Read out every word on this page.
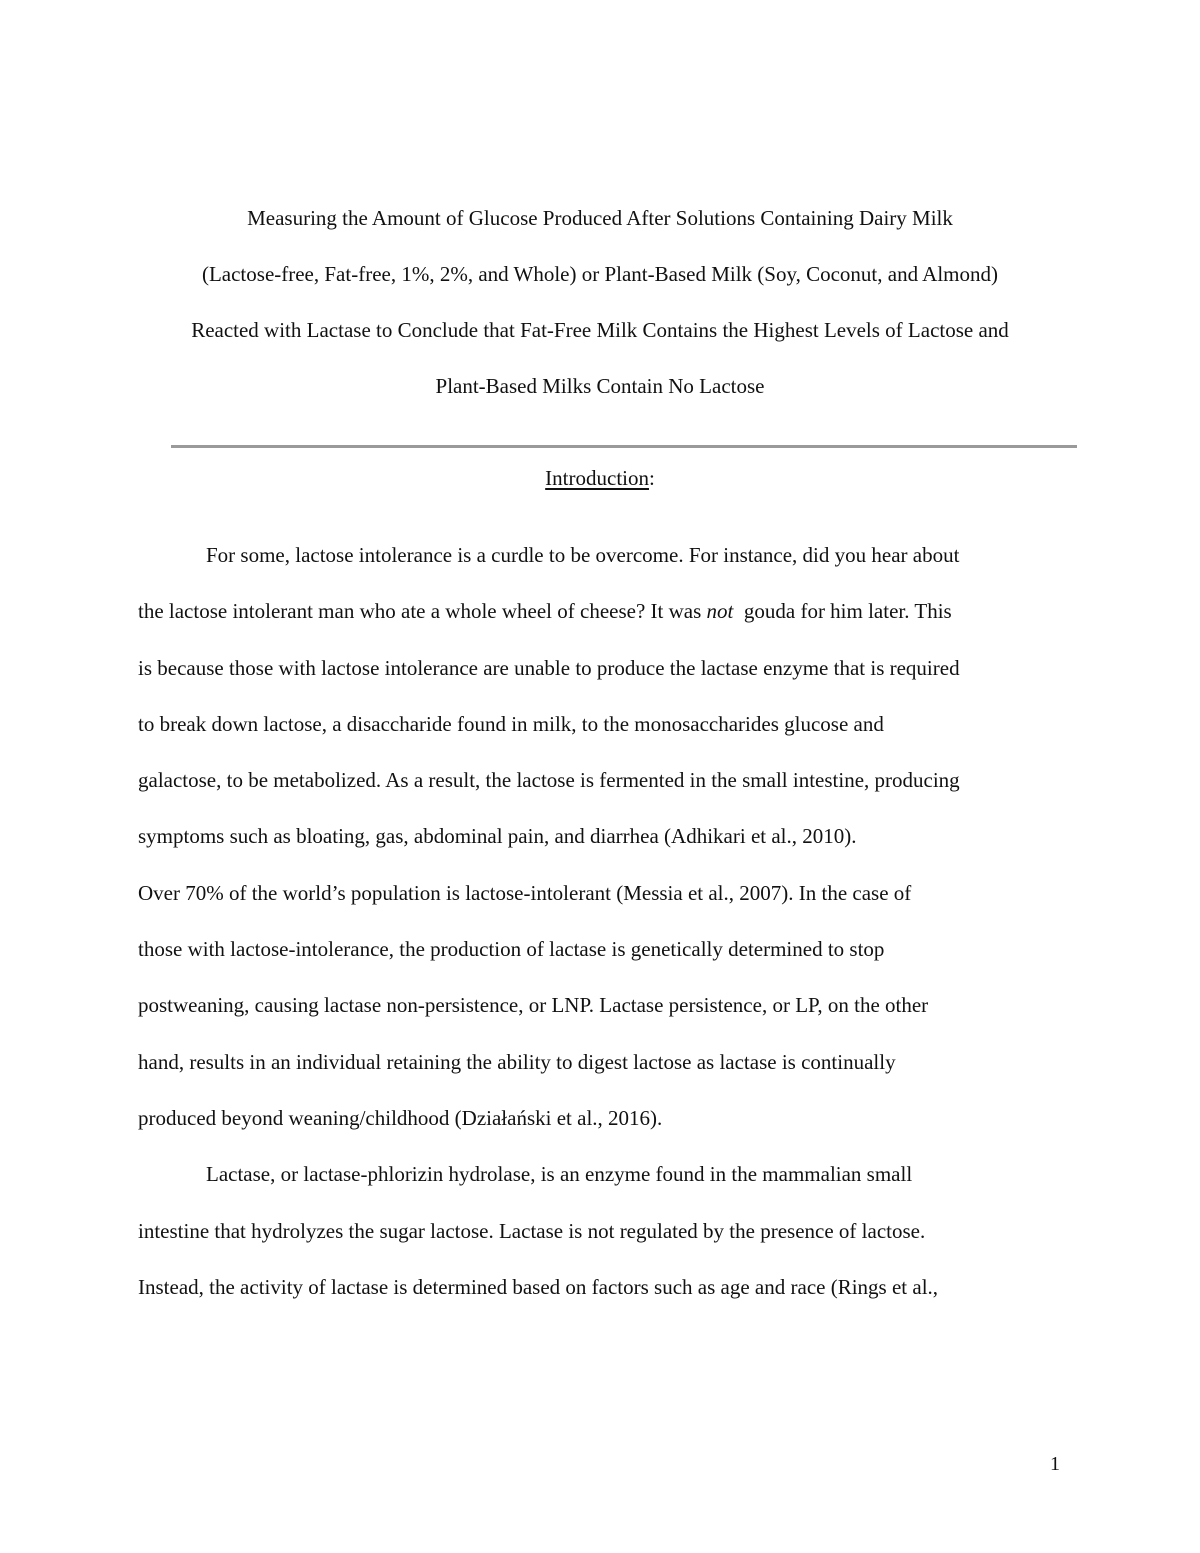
Measuring the Amount of Glucose Produced After Solutions Containing Dairy Milk
(Lactose-free, Fat-free, 1%, 2%, and Whole) or Plant-Based Milk (Soy, Coconut, and Almond)
Reacted with Lactase to Conclude that Fat-Free Milk Contains the Highest Levels of Lactose and
Plant-Based Milks Contain No Lactose
Introduction:
For some, lactose intolerance is a curdle to be overcome. For instance, did you hear about
the lactose intolerant man who ate a whole wheel of cheese? It was not  gouda for him later. This
is because those with lactose intolerance are unable to produce the lactase enzyme that is required
to break down lactose, a disaccharide found in milk, to the monosaccharides glucose and
galactose, to be metabolized. As a result, the lactose is fermented in the small intestine, producing
symptoms such as bloating, gas, abdominal pain, and diarrhea (Adhikari et al., 2010).
Over 70% of the world’s population is lactose-intolerant (Messia et al., 2007). In the case of
those with lactose-intolerance, the production of lactase is genetically determined to stop
postweaning, causing lactase non-persistence, or LNP. Lactase persistence, or LP, on the other
hand, results in an individual retaining the ability to digest lactose as lactase is continually
produced beyond weaning/childhood (Działański et al., 2016).
Lactase, or lactase-phlorizin hydrolase, is an enzyme found in the mammalian small
intestine that hydrolyzes the sugar lactose. Lactase is not regulated by the presence of lactose.
Instead, the activity of lactase is determined based on factors such as age and race (Rings et al.,
1
